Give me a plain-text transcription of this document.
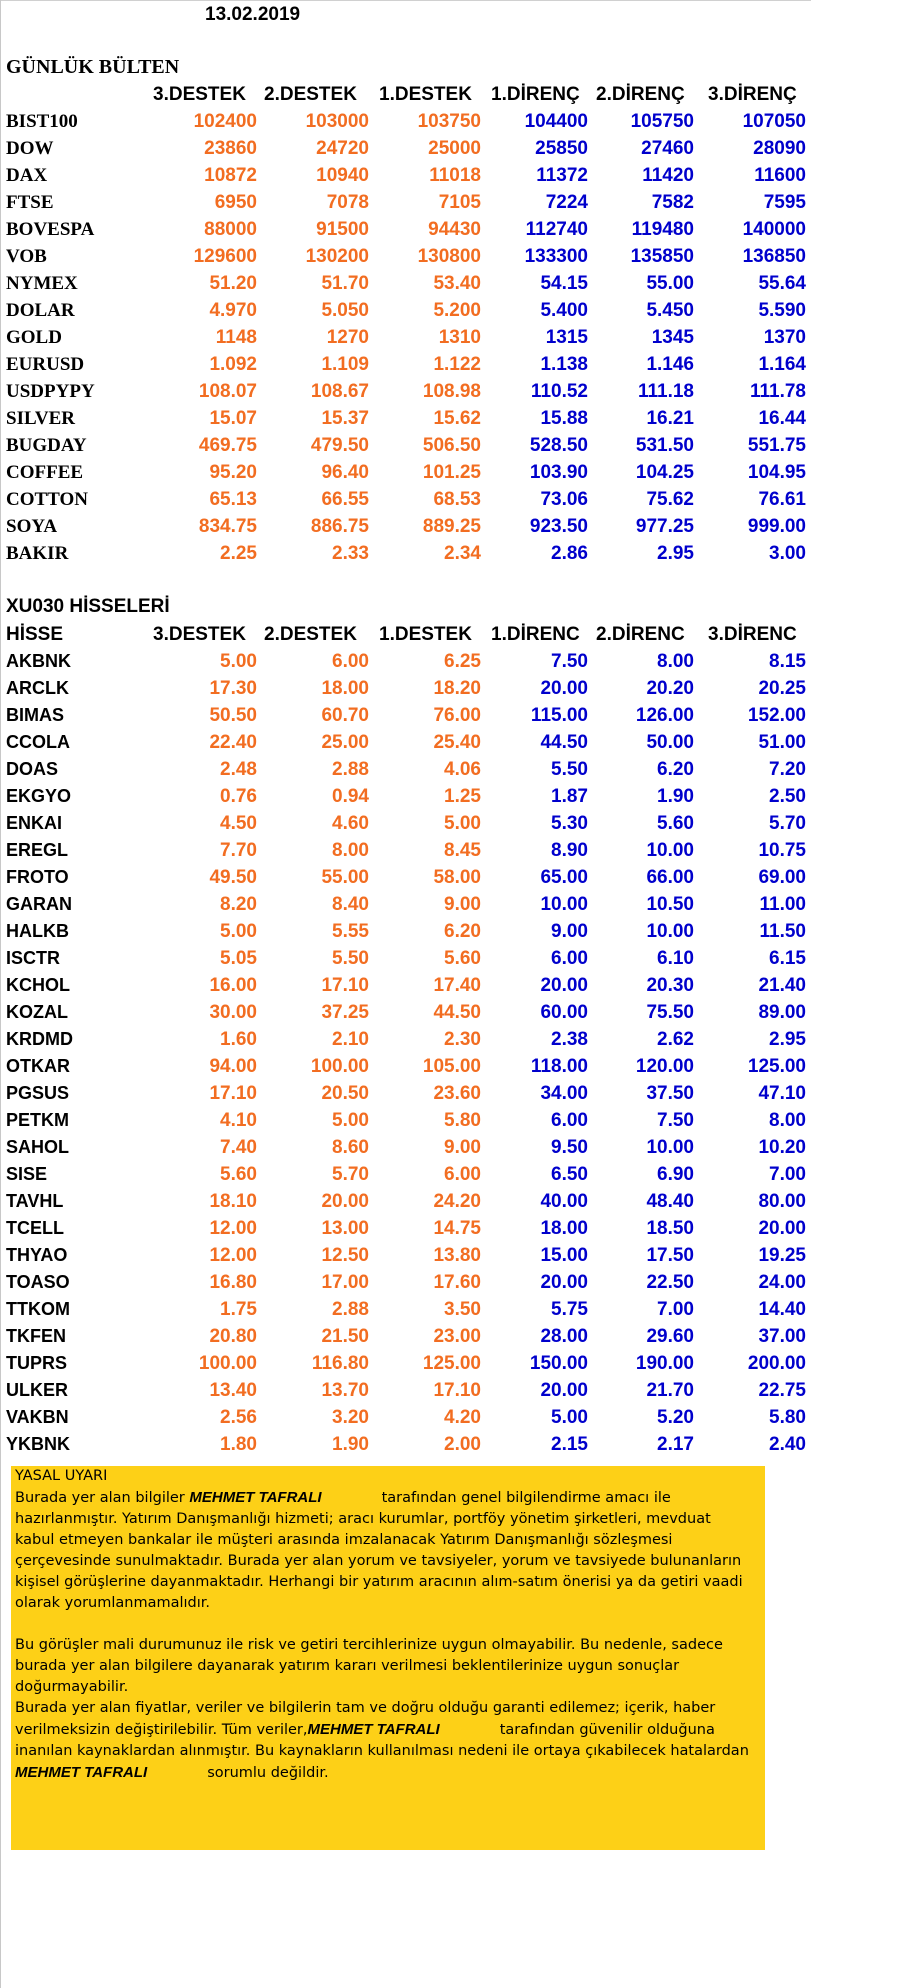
13.02.2019
GÜNLÜK BÜLTEN
3.DESTEK 2.DESTEK 1.DESTEK 1.DİRENÇ 2.DİRENÇ 3.DİRENÇ
BIST100	102400	103000	103750	104400	105750	107050
DOW	23860	24720	25000	25850	27460	28090
DAX	10872	10940	11018	11372	11420	11600
FTSE	6950	7078	7105	7224	7582	7595
BOVESPA	88000	91500	94430	112740	119480	140000
VOB	129600	130200	130800	133300	135850	136850
NYMEX	51.20	51.70	53.40	54.15	55.00	55.64
DOLAR	4.970	5.050	5.200	5.400	5.450	5.590
GOLD	1148	1270	1310	1315	1345	1370
EURUSD	1.092	1.109	1.122	1.138	1.146	1.164
USDPYPY	108.07	108.67	108.98	110.52	111.18	111.78
SILVER	15.07	15.37	15.62	15.88	16.21	16.44
BUGDAY	469.75	479.50	506.50	528.50	531.50	551.75
COFFEE	95.20	96.40	101.25	103.90	104.25	104.95
COTTON	65.13	66.55	68.53	73.06	75.62	76.61
SOYA	834.75	886.75	889.25	923.50	977.25	999.00
BAKIR	2.25	2.33	2.34	2.86	2.95	3.00
XU030 HİSSELERİ
HİSSE	3.DESTEK 2.DESTEK 1.DESTEK 1.DİRENC 2.DİRENC 3.DİRENC
AKBNK	5.00	6.00	6.25	7.50	8.00	8.15
ARCLK	17.30	18.00	18.20	20.00	20.20	20.25
BIMAS	50.50	60.70	76.00	115.00	126.00	152.00
CCOLA	22.40	25.00	25.40	44.50	50.00	51.00
DOAS	2.48	2.88	4.06	5.50	6.20	7.20
EKGYO	0.76	0.94	1.25	1.87	1.90	2.50
ENKAI	4.50	4.60	5.00	5.30	5.60	5.70
EREGL	7.70	8.00	8.45	8.90	10.00	10.75
FROTO	49.50	55.00	58.00	65.00	66.00	69.00
GARAN	8.20	8.40	9.00	10.00	10.50	11.00
HALKB	5.00	5.55	6.20	9.00	10.00	11.50
ISCTR	5.05	5.50	5.60	6.00	6.10	6.15
KCHOL	16.00	17.10	17.40	20.00	20.30	21.40
KOZAL	30.00	37.25	44.50	60.00	75.50	89.00
KRDMD	1.60	2.10	2.30	2.38	2.62	2.95
OTKAR	94.00	100.00	105.00	118.00	120.00	125.00
PGSUS	17.10	20.50	23.60	34.00	37.50	47.10
PETKM	4.10	5.00	5.80	6.00	7.50	8.00
SAHOL	7.40	8.60	9.00	9.50	10.00	10.20
SISE	5.60	5.70	6.00	6.50	6.90	7.00
TAVHL	18.10	20.00	24.20	40.00	48.40	80.00
TCELL	12.00	13.00	14.75	18.00	18.50	20.00
THYAO	12.00	12.50	13.80	15.00	17.50	19.25
TOASO	16.80	17.00	17.60	20.00	22.50	24.00
TTKOM	1.75	2.88	3.50	5.75	7.00	14.40
TKFEN	20.80	21.50	23.00	28.00	29.60	37.00
TUPRS	100.00	116.80	125.00	150.00	190.00	200.00
ULKER	13.40	13.70	17.10	20.00	21.70	22.75
VAKBN	2.56	3.20	4.20	5.00	5.20	5.80
YKBNK	1.80	1.90	2.00	2.15	2.17	2.40

YASAL UYARI

Burada yer alan bilgiler MEHMET TAFRALI	tarafından genel bilgilendirme amacı ile

hazırlanmıştır. Yatırım Danışmanlığı hizmeti; aracı kurumlar, portföy yönetim şirketleri, mevduat

kabul etmeyen bankalar ile müşteri arasında imzalanacak Yatırım Danışmanlığı sözleşmesi

çerçevesinde sunulmaktadır. Burada yer alan yorum ve tavsiyeler, yorum ve tavsiyede bulunanların

kişisel görüşlerine dayanmaktadır. Herhangi bir yatırım aracının alım-satım önerisi ya da getiri vaadi

olarak yorumlanmamalıdır.

Bu görüşler mali durumunuz ile risk ve getiri tercihlerinize uygun olmayabilir. Bu nedenle, sadece

burada yer alan bilgilere dayanarak yatırım kararı verilmesi beklentilerinize uygun sonuçlar

doğurmayabilir.

Burada yer alan fiyatlar, veriler ve bilgilerin tam ve doğru olduğu garanti edilemez; içerik, haber

verilmeksizin değiştirilebilir. Tüm veriler,MEHMET TAFRALI	tarafından güvenilir olduğuna

inanılan kaynaklardan alınmıştır. Bu kaynakların kullanılması nedeni ile ortaya çıkabilecek hatalardan

MEHMET TAFRALI	sorumlu değildir.
